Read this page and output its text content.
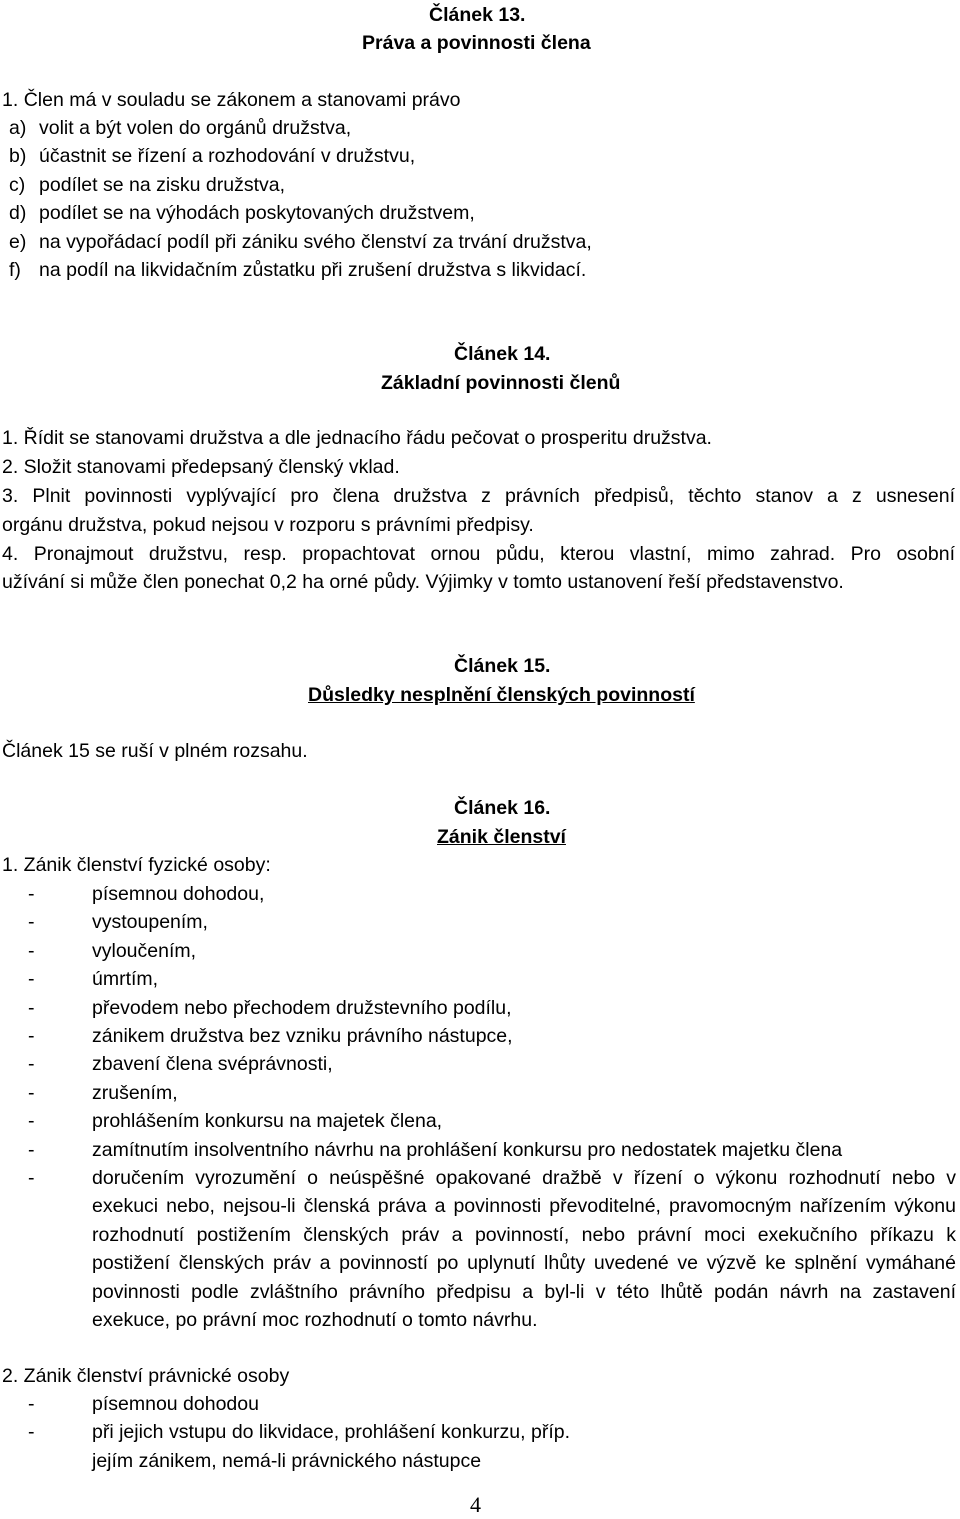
Článek 13.
Práva a povinnosti člena
1. Člen má v souladu se zákonem a stanovami právo
a) volit a být volen do orgánů družstva,
b) účastnit se řízení a rozhodování v družstvu,
c) podílet se na zisku družstva,
d) podílet se na výhodách poskytovaných družstvem,
e) na vypořádací podíl při zániku svého členství za trvání družstva,
f) na podíl na likvidačním zůstatku při zrušení družstva s likvidací.
Článek 14.
Základní povinnosti členů
1. Řídit se stanovami družstva a dle jednacího řádu pečovat o prosperitu družstva.
2. Složit stanovami předepsaný členský vklad.
3. Plnit povinnosti vyplývající pro člena družstva z právních předpisů, těchto stanov a z usnesení
orgánu družstva, pokud nejsou v rozporu s právními předpisy.
4. Pronajmout družstvu, resp. propachtovat ornou půdu, kterou vlastní, mimo zahrad. Pro osobní
užívání si může člen ponechat 0,2 ha orné půdy. Výjimky v tomto ustanovení řeší představenstvo.
Článek 15.
Důsledky nesplnění členských povinností
Článek 15 se ruší v plném rozsahu.
Článek 16.
Zánik členství
1. Zánik členství fyzické osoby:
-	písemnou dohodou,
-	vystoupením,
-	vyloučením,
-	úmrtím,
-	převodem nebo přechodem družstevního podílu,
-	zánikem družstva bez vzniku právního nástupce,
-	zbavení člena svéprávnosti,
-	zrušením,
-	prohlášením konkursu na majetek člena,
-	zamítnutím insolventního návrhu na prohlášení konkursu pro nedostatek majetku člena
-	doručením vyrozumění o neúspěšné opakované dražbě v řízení o výkonu rozhodnutí nebo v exekuci nebo, nejsou-li členská práva a povinnosti převoditelné, pravomocným nařízením výkonu rozhodnutí postižením členských práv a povinností, nebo právní moci exekučního příkazu k postižení členských práv a povinností po uplynutí lhůty uvedené ve výzvě ke splnění vymáhané povinnosti podle zvláštního právního předpisu a byl-li v této lhůtě podán návrh na zastavení exekuce, po právní moc rozhodnutí o tomto návrhu.
2. Zánik členství právnické osoby
-	písemnou dohodou
-	při jejich vstupu do likvidace, prohlášení konkurzu, příp.
jejím zánikem, nemá-li právnického nástupce
4
